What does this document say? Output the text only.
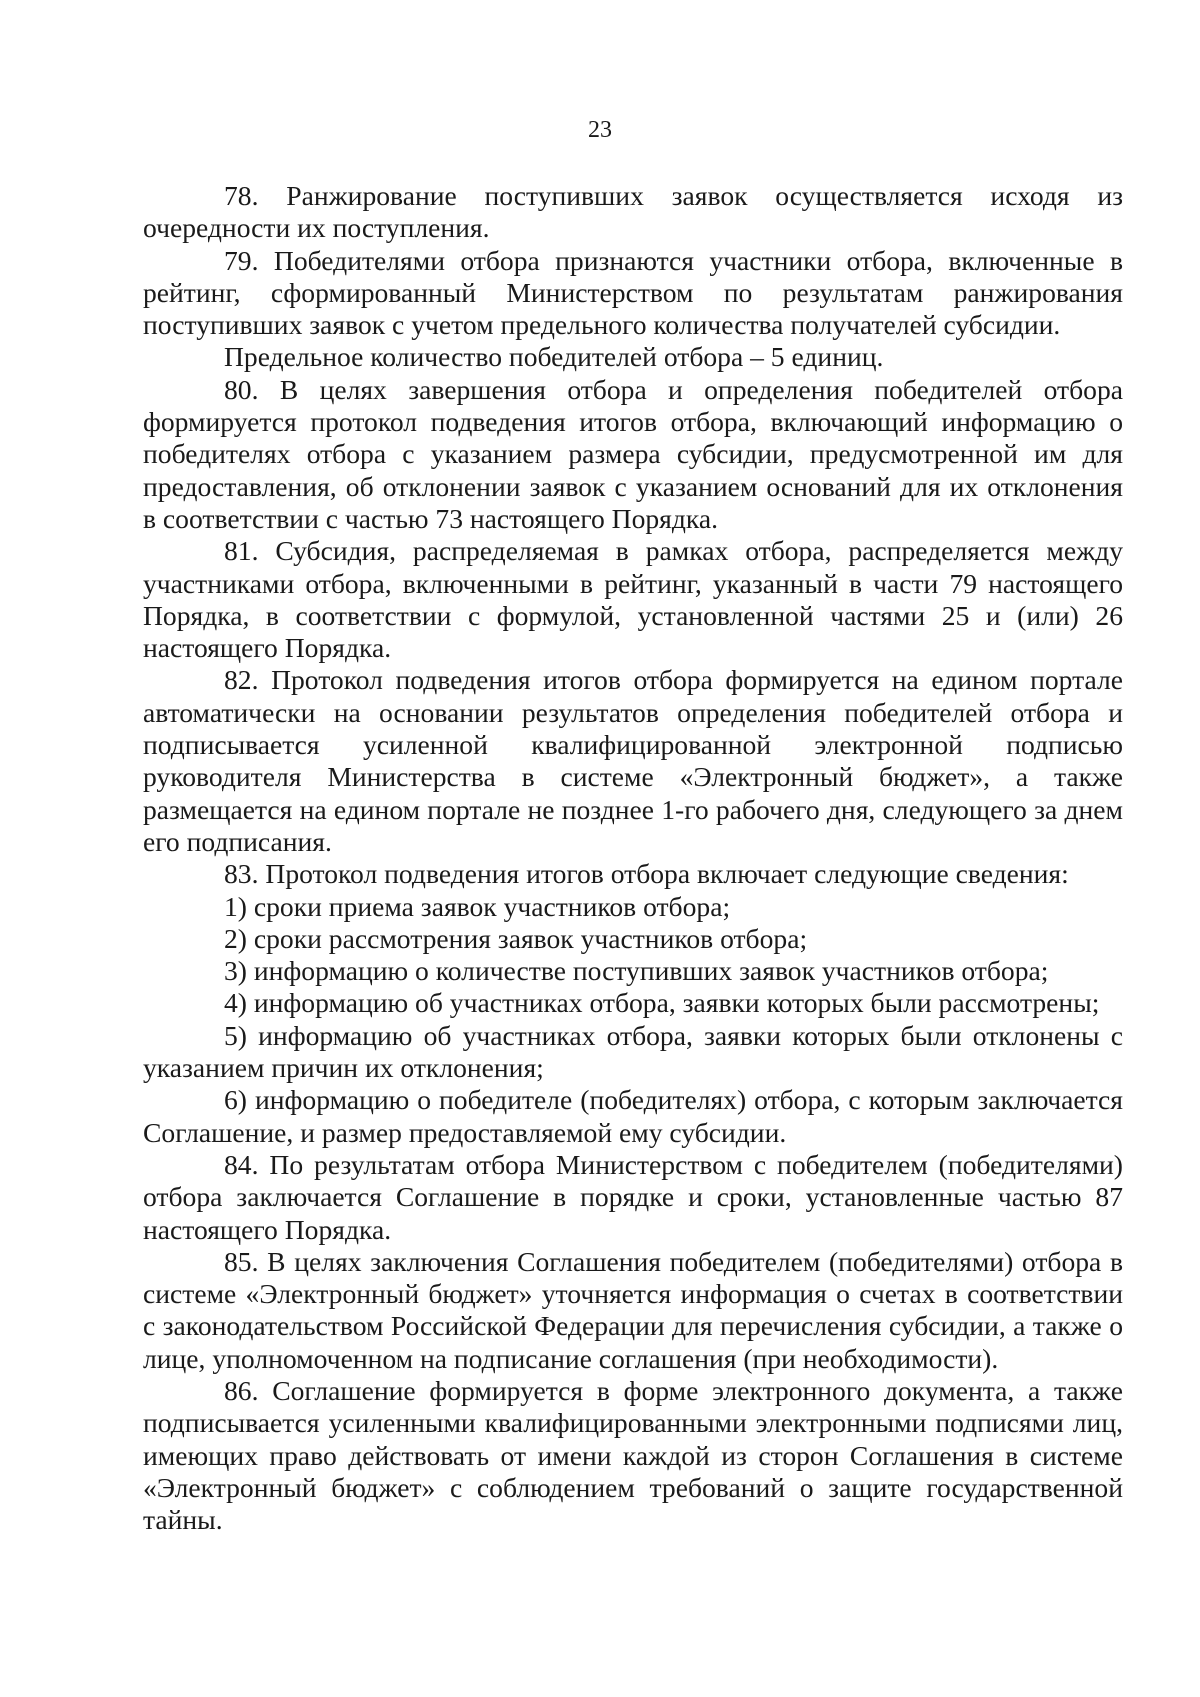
23

78. Ранжирование поступивших заявок осуществляется исходя из очередности их поступления.

79. Победителями отбора признаются участники отбора, включенные в рейтинг, сформированный Министерством по результатам ранжирования поступивших заявок с учетом предельного количества получателей субсидии.

Предельное количество победителей отбора – 5 единиц.

80. В целях завершения отбора и определения победителей отбора формируется протокол подведения итогов отбора, включающий информацию о победителях отбора с указанием размера субсидии, предусмотренной им для предоставления, об отклонении заявок с указанием оснований для их отклонения в соответствии с частью 73 настоящего Порядка.

81. Субсидия, распределяемая в рамках отбора, распределяется между участниками отбора, включенными в рейтинг, указанный в части 79 настоящего Порядка, в соответствии с формулой, установленной частями 25 и (или) 26 настоящего Порядка.

82. Протокол подведения итогов отбора формируется на едином портале автоматически на основании результатов определения победителей отбора и подписывается усиленной квалифицированной электронной подписью руководителя Министерства в системе «Электронный бюджет», а также размещается на едином портале не позднее 1-го рабочего дня, следующего за днем его подписания.

83. Протокол подведения итогов отбора включает следующие сведения:

1) сроки приема заявок участников отбора;

2) сроки рассмотрения заявок участников отбора;

3) информацию о количестве поступивших заявок участников отбора;

4) информацию об участниках отбора, заявки которых были рассмотрены;

5) информацию об участниках отбора, заявки которых были отклонены с указанием причин их отклонения;

6) информацию о победителе (победителях) отбора, с которым заключается Соглашение, и размер предоставляемой ему субсидии.

84. По результатам отбора Министерством с победителем (победителями) отбора заключается Соглашение в порядке и сроки, установленные частью 87 настоящего Порядка.

85. В целях заключения Соглашения победителем (победителями) отбора в системе «Электронный бюджет» уточняется информация о счетах в соответствии с законодательством Российской Федерации для перечисления субсидии, а также о лице, уполномоченном на подписание соглашения (при необходимости).

86. Соглашение формируется в форме электронного документа, а также подписывается усиленными квалифицированными электронными подписями лиц, имеющих право действовать от имени каждой из сторон Соглашения в системе «Электронный бюджет» с соблюдением требований о защите государственной тайны.
